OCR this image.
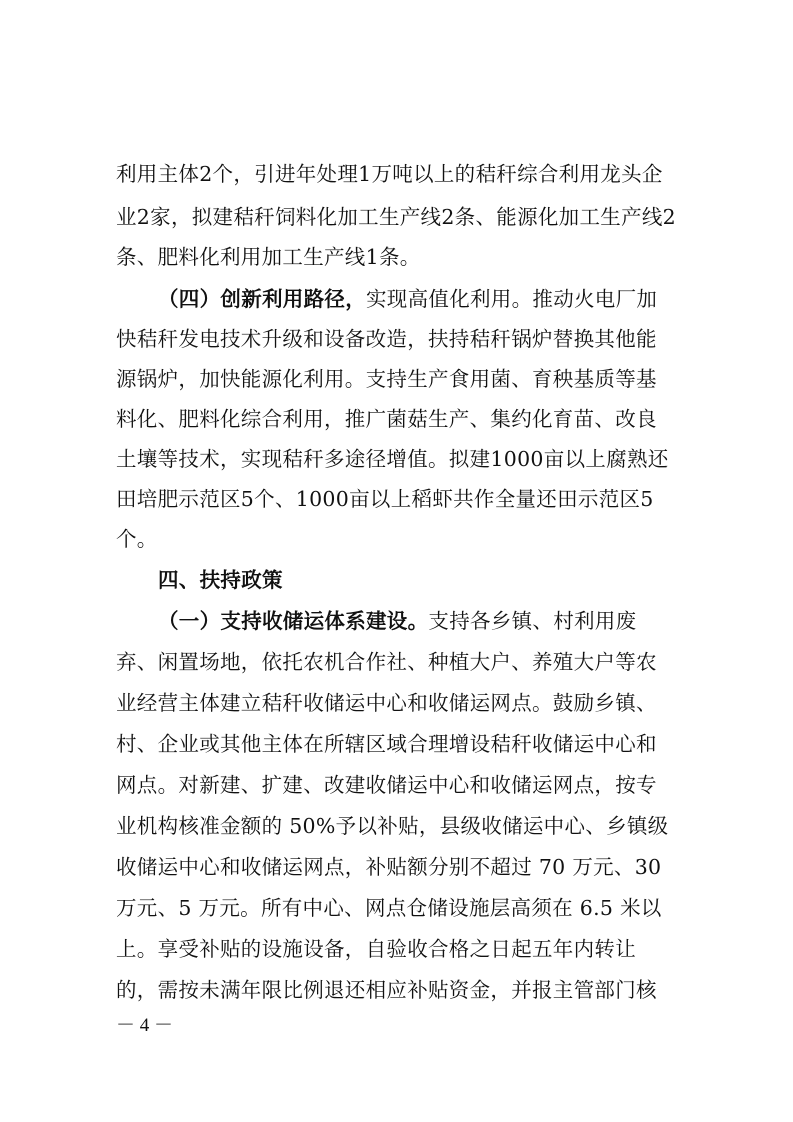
利用主体2个，引进年处理1万吨以上的秸秆综合利用龙头企
业2家，拟建秸秆饲料化加工生产线2条、能源化加工生产线2
条、肥料化利用加工生产线1条。
（四）创新利用路径，实现高值化利用。推动火电厂加
快秸秆发电技术升级和设备改造，扶持秸秆锅炉替换其他能
源锅炉，加快能源化利用。支持生产食用菌、育秧基质等基
料化、肥料化综合利用，推广菌菇生产、集约化育苗、改良
土壤等技术，实现秸秆多途径增值。拟建1000亩以上腐熟还
田培肥示范区5个、1000亩以上稻虾共作全量还田示范区5
个。
四、扶持政策
（一）支持收储运体系建设。支持各乡镇、村利用废
弃、闲置场地，依托农机合作社、种植大户、养殖大户等农
业经营主体建立秸秆收储运中心和收储运网点。鼓励乡镇、
村、企业或其他主体在所辖区域合理增设秸秆收储运中心和
网点。对新建、扩建、改建收储运中心和收储运网点，按专
业机构核准金额的 50%予以补贴，县级收储运中心、乡镇级
收储运中心和收储运网点，补贴额分别不超过 70 万元、30
万元、5 万元。所有中心、网点仓储设施层高须在 6.5 米以
上。享受补贴的设施设备，自验收合格之日起五年内转让
的，需按未满年限比例退还相应补贴资金，并报主管部门核
－ 4 －
